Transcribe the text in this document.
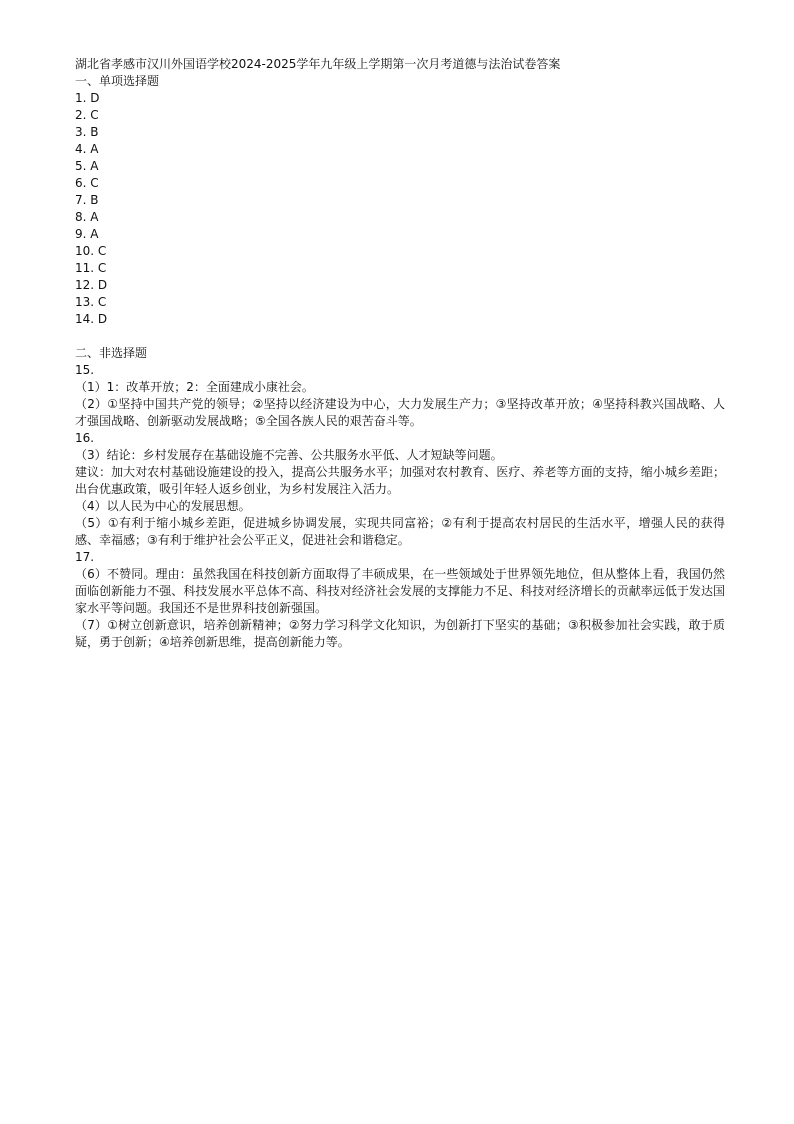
湖北省孝感市汉川外国语学校2024-2025学年九年级上学期第一次月考道德与法治试卷答案
一、单项选择题
1. D
2. C
3. B
4. A
5. A
6. C
7. B
8. A
9. A
10. C
11. C
12. D
13. C
14. D
二、非选择题
15.
（1）1：改革开放；2：全面建成小康社会。
（2）①坚持中国共产党的领导；②坚持以经济建设为中心，大力发展生产力；③坚持改革开放；④坚持科教兴国战略、人才强国战略、创新驱动发展战略；⑤全国各族人民的艰苦奋斗等。
16.
（3）结论：乡村发展存在基础设施不完善、公共服务水平低、人才短缺等问题。
建议：加大对农村基础设施建设的投入，提高公共服务水平；加强对农村教育、医疗、养老等方面的支持，缩小城乡差距；出台优惠政策，吸引年轻人返乡创业，为乡村发展注入活力。
（4）以人民为中心的发展思想。
（5）①有利于缩小城乡差距，促进城乡协调发展，实现共同富裕；②有利于提高农村居民的生活水平，增强人民的获得感、幸福感；③有利于维护社会公平正义，促进社会和谐稳定。
17.
（6）不赞同。理由：虽然我国在科技创新方面取得了丰硕成果，在一些领域处于世界领先地位，但从整体上看，我国仍然面临创新能力不强、科技发展水平总体不高、科技对经济社会发展的支撑能力不足、科技对经济增长的贡献率远低于发达国家水平等问题。我国还不是世界科技创新强国。
（7）①树立创新意识，培养创新精神；②努力学习科学文化知识，为创新打下坚实的基础；③积极参加社会实践，敢于质疑，勇于创新；④培养创新思维，提高创新能力等。
